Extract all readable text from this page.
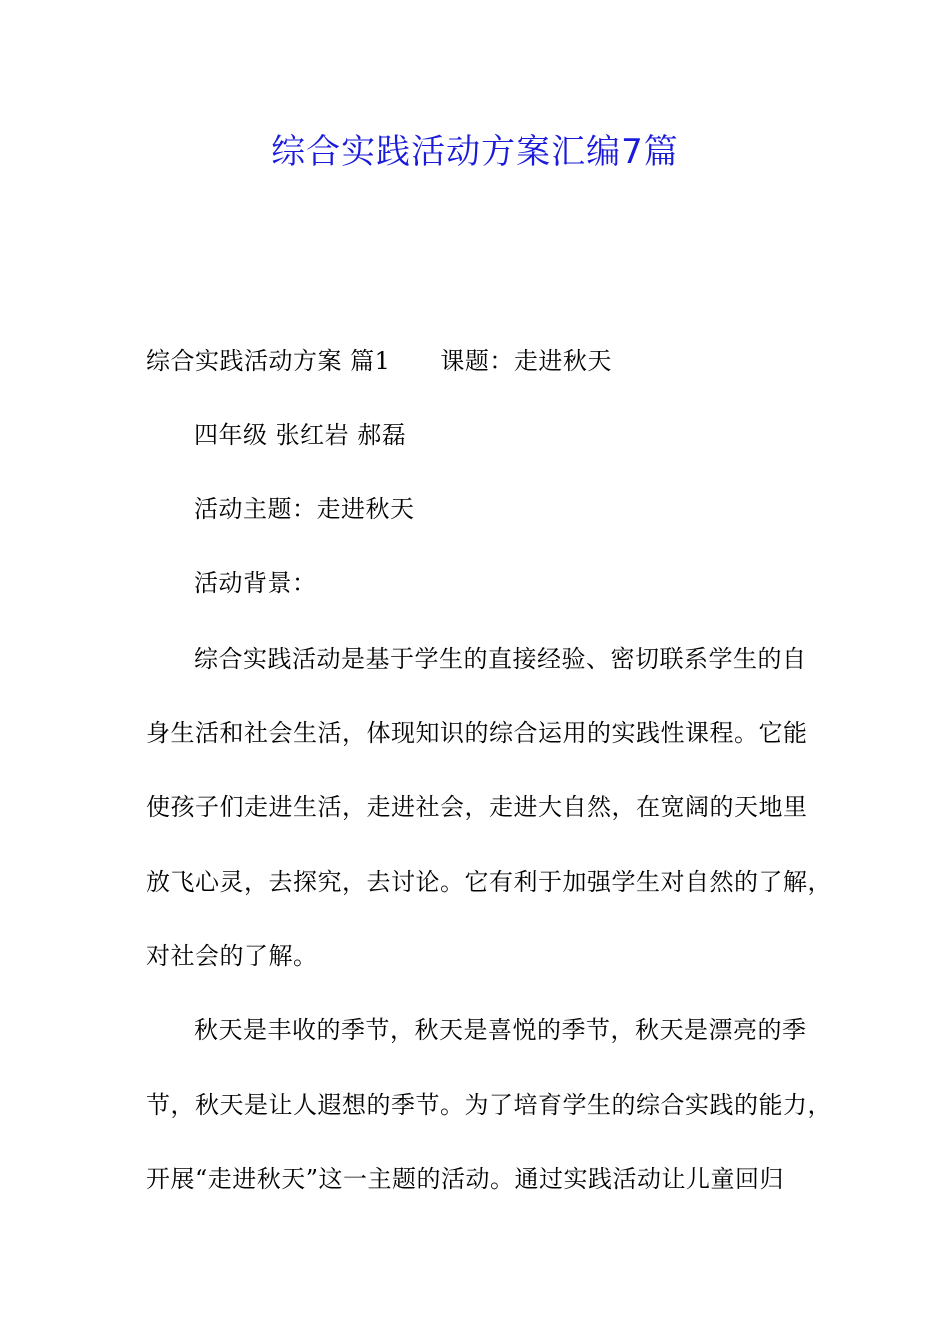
综合实践活动方案汇编7篇
综合实践活动方案 篇1 课题：走进秋天
四年级 张红岩 郝磊
活动主题：走进秋天
活动背景：
综合实践活动是基于学生的直接经验、密切联系学生的自
身生活和社会生活，体现知识的综合运用的实践性课程。它能
使孩子们走进生活，走进社会，走进大自然，在宽阔的天地里
放飞心灵，去探究，去讨论。它有利于加强学生对自然的了解，
对社会的了解。
秋天是丰收的季节，秋天是喜悦的季节，秋天是漂亮的季
节，秋天是让人遐想的季节。为了培育学生的综合实践的能力，
开展“走进秋天”这一主题的活动。通过实践活动让儿童回归
